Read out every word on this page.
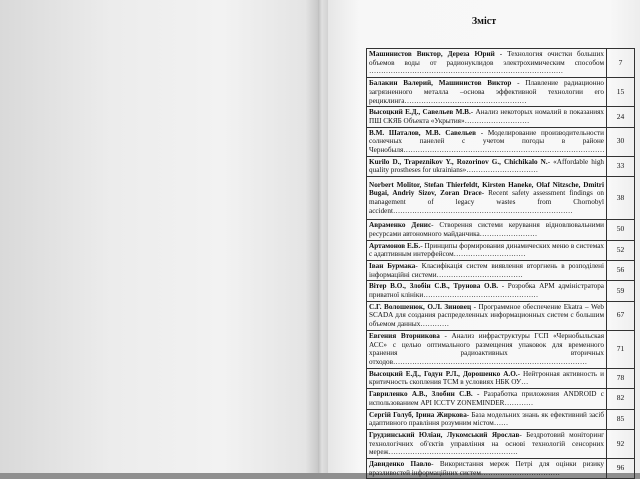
Зміст
Машинистов Виктор, Дереза Юрий - Технология очистки больших объемов воды от радионуклидов электрохимическим способом ………………………………………………………………………	7
Балакин Валерий, Машинистов Виктор - Плавление радиационно загрязненного металла –основа эффективной технологии его рециклинга……………………………………………	15
Высоцкий Е.Д., Савельев М.В.- Анализ некоторых номалий в показаниях ПШ СКЯБ Объекта «Укрытия»………………………	24
В.М. Шаталов, М.В. Савельев - Моделирование производительности солнечных панелей с учетом погоды в районе Чернобыля…………………………………………………………………………	30
Kurilo D., Trapeznikov Y., Rozorinov G., Chichikalo N.- «Affordable high quality prostheses for ukrainians»…………………………	33
Norbert Molitor, Stefan Thierfeldt, Kirsten Haneke, Olaf Nitzsche, Dmitri Bugai, Andriy Sizov, Zoran Drace- Recent safety assessment findings on management of legacy wastes from Chornobyl accident…………………………………………………………………	38
Авраменко Денис- Створення системи керування відновлювальними ресурсами автономного майданчика……………………	50
Артамонов Е.Б.- Принципы формирования динамических меню в системах с адаптивным интерфейсом…………………………	52
Іван Бурмака- Класифікація систем виявлення вторгнень в розподілені інформаційні системи………………………………	56
Вітер В.О., Злобін С.В., Трунова О.В. - Розробка АРМ адміністратора приватної клініки…………………………………………	59
С.Г. Волошенюк, О.Л. Зиновец - Программное обеспечение Ekatra – Web SCADA для создания распределенных информационных систем с большим объемом данных…………	67
Евгения Вторникова - Анализ инфраструктуры ГСП «Чернобыльская АСС» с целью оптимального размещения упаковок для временного хранения радиоактивных вторичных отходов………………………………………………………………………	71
Высоцкий Е.Д., Годун Р.Л., Дорошенко А.О.- Нейтронная активность и критичность скопления ТСМ в условиях НБК ОУ…	78
Гавриленко А.В., Злобин С.В. - Разработка приложения ANDROID с использованием API ICCTV ZONEMINDER…………	82
Сергій Голуб, Ірина Жиркова- База модельних знань як ефективний засіб адаптивного правління розумним містом……	85
Грудзинський Юліан, Лукомський Ярослав- Бездротовий моніторинг технологічних об'єктів управління на основі технологій сенсорних мереж………………………………………………	92
Давиденко Павло- Використання мереж Петрі для оцінки ризику вразливостей інформаційних систем……………………………	96
